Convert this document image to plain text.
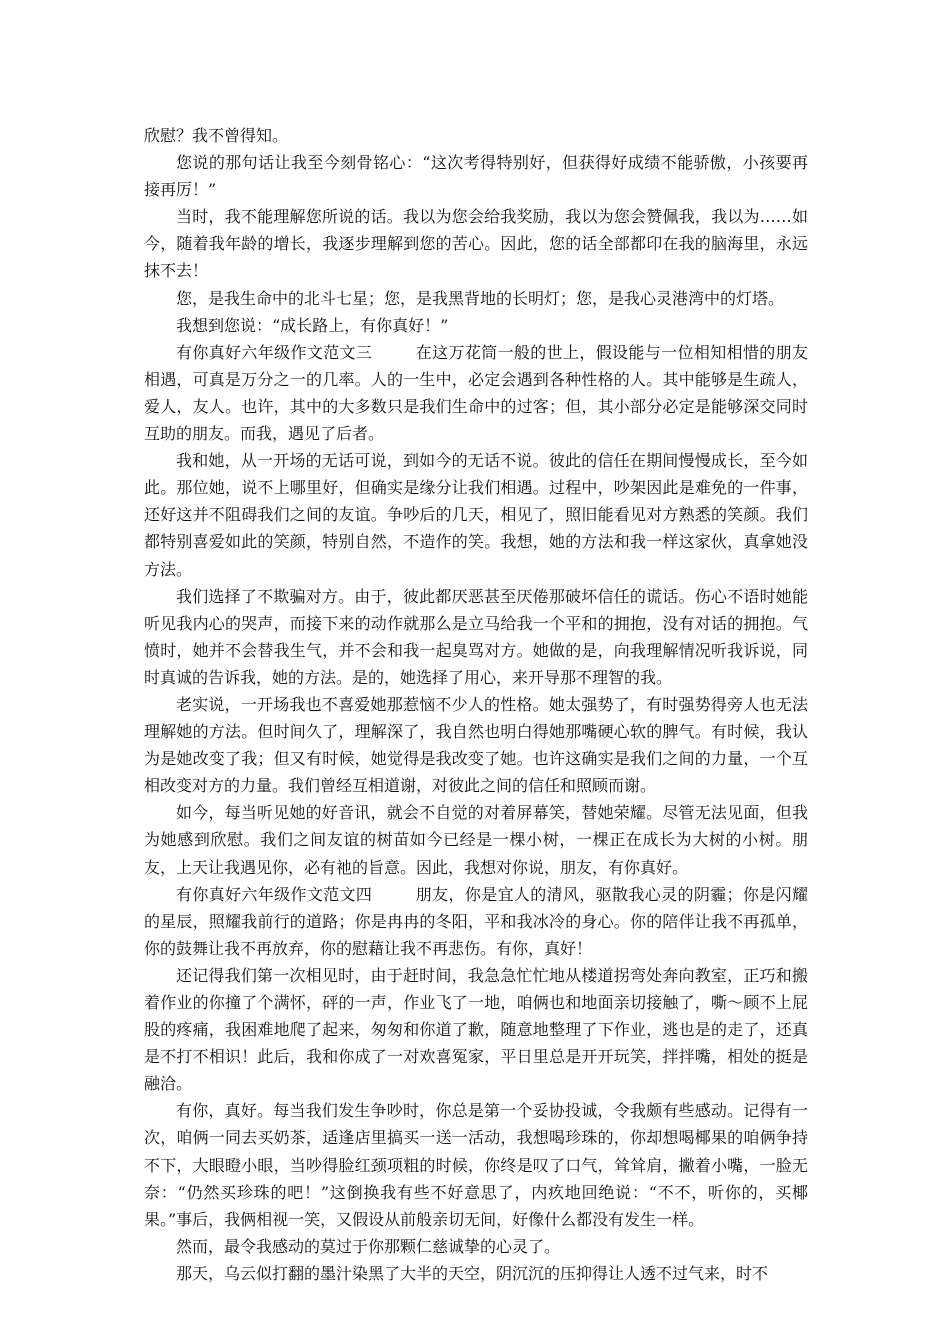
欣慰？我不曾得知。

您说的那句话让我至今刻骨铭心：“这次考得特别好，但获得好成绩不能骄傲，小孩要再接再厉！”

当时，我不能理解您所说的话。我以为您会给我奖励，我以为您会赞佩我，我以为……如今，随着我年龄的增长，我逐步理解到您的苦心。因此，您的话全部都印在我的脑海里，永远抹不去！

您，是我生命中的北斗七星；您，是我黑背地的长明灯；您，是我心灵港湾中的灯塔。

我想到您说：“成长路上，有你真好！”

有你真好六年级作文范文三	在这万花筒一般的世上，假设能与一位相知相惜的朋友相遇，可真是万分之一的几率。人的一生中，必定会遇到各种性格的人。其中能够是生疏人，爱人，友人。也许，其中的大多数只是我们生命中的过客；但，其小部分必定是能够深交同时互助的朋友。而我，遇见了后者。

我和她，从一开场的无话可说，到如今的无话不说。彼此的信任在期间慢慢成长，至今如此。那位她，说不上哪里好，但确实是缘分让我们相遇。过程中，吵架因此是难免的一件事，还好这并不阻碍我们之间的友谊。争吵后的几天，相见了，照旧能看见对方熟悉的笑颜。我们都特别喜爱如此的笑颜，特别自然，不造作的笑。我想，她的方法和我一样这家伙，真拿她没方法。

我们选择了不欺骗对方。由于，彼此都厌恶甚至厌倦那破坏信任的谎话。伤心不语时她能听见我内心的哭声，而接下来的动作就那么是立马给我一个平和的拥抱，没有对话的拥抱。气愤时，她并不会替我生气，并不会和我一起臭骂对方。她做的是，向我理解情况听我诉说，同时真诚的告诉我，她的方法。是的，她选择了用心，来开导那不理智的我。

老实说，一开场我也不喜爱她那惹恼不少人的性格。她太强势了，有时强势得旁人也无法理解她的方法。但时间久了，理解深了，我自然也明白得她那嘴硬心软的脾气。有时候，我认为是她改变了我；但又有时候，她觉得是我改变了她。也许这确实是我们之间的力量，一个互相改变对方的力量。我们曾经互相道谢，对彼此之间的信任和照顾而谢。

如今，每当听见她的好音讯，就会不自觉的对着屏幕笑，替她荣耀。尽管无法见面，但我为她感到欣慰。我们之间友谊的树苗如今已经是一棵小树，一棵正在成长为大树的小树。朋友，上天让我遇见你，必有祂的旨意。因此，我想对你说，朋友，有你真好。

有你真好六年级作文范文四	朋友，你是宜人的清风，驱散我心灵的阴霾；你是闪耀的星辰，照耀我前行的道路；你是冉冉的冬阳，平和我冰冷的身心。你的陪伴让我不再孤单，你的鼓舞让我不再放弃，你的慰藉让我不再悲伤。有你，真好！

还记得我们第一次相见时，由于赶时间，我急急忙忙地从楼道拐弯处奔向教室，正巧和搬着作业的你撞了个满怀，砰的一声，作业飞了一地，咱俩也和地面亲切接触了，嘶～顾不上屁股的疼痛，我困难地爬了起来，匆匆和你道了歉，随意地整理了下作业，逃也是的走了，还真是不打不相识！此后，我和你成了一对欢喜冤家，平日里总是开开玩笑，拌拌嘴，相处的挺是融洽。

有你，真好。每当我们发生争吵时，你总是第一个妥协投诚，令我颇有些感动。记得有一次，咱俩一同去买奶茶，适逢店里搞买一送一活动，我想喝珍珠的，你却想喝椰果的咱俩争持不下，大眼瞪小眼，当吵得脸红颈项粗的时候，你终是叹了口气，耸耸肩，撇着小嘴，一脸无奈：“仍然买珍珠的吧！”这倒换我有些不好意思了，内疚地回绝说：“不不，听你的，买椰果。”事后，我俩相视一笑，又假设从前般亲切无间，好像什么都没有发生一样。

然而，最令我感动的莫过于你那颗仁慈诚挚的心灵了。

那天，乌云似打翻的墨汁染黑了大半的天空，阴沉沉的压抑得让人透不过气来，时不
